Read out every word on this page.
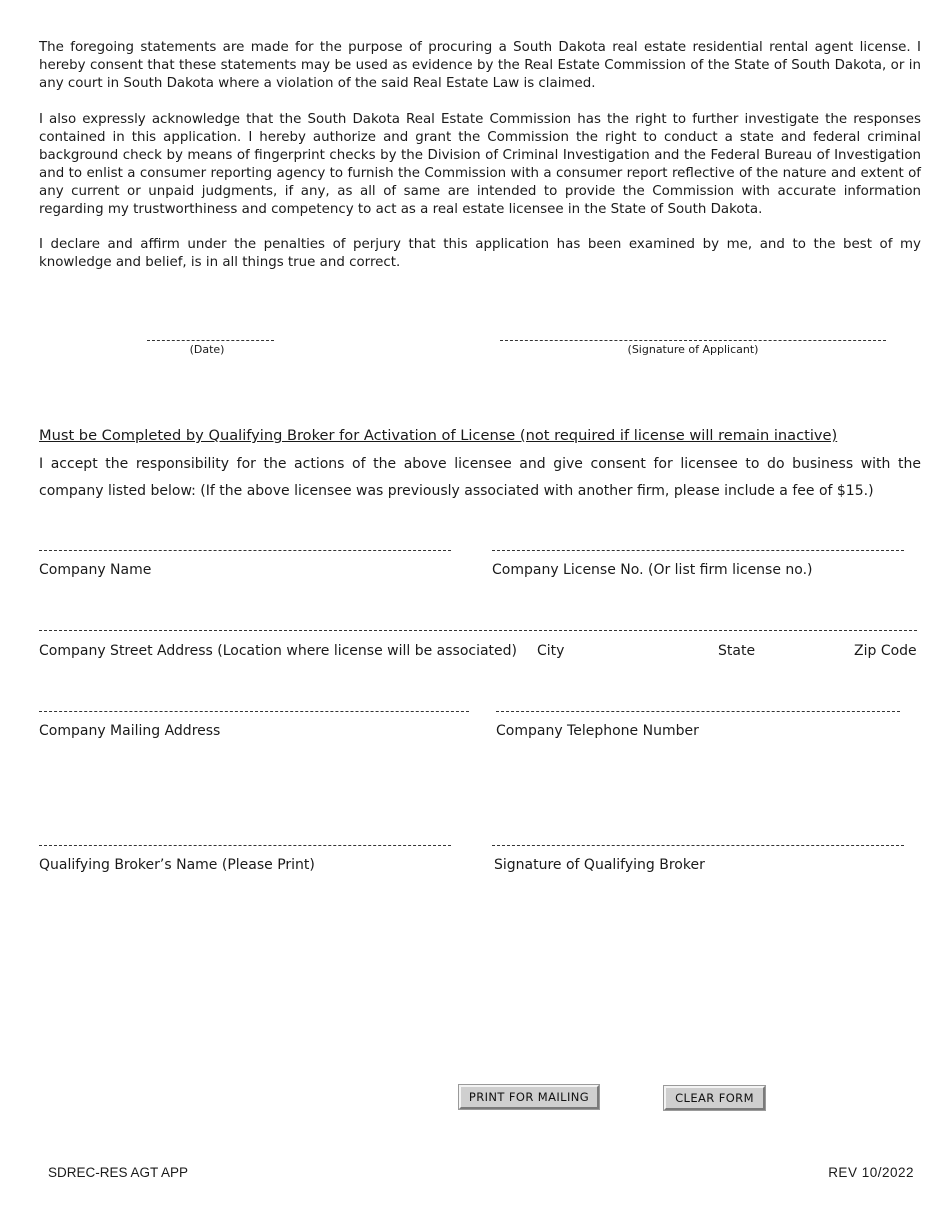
The foregoing statements are made for the purpose of procuring a South Dakota real estate residential rental agent license. I hereby consent that these statements may be used as evidence by the Real Estate Commission of the State of South Dakota, or in any court in South Dakota where a violation of the said Real Estate Law is claimed.

I also expressly acknowledge that the South Dakota Real Estate Commission has the right to further investigate the responses contained in this application. I hereby authorize and grant the Commission the right to conduct a state and federal criminal background check by means of fingerprint checks by the Division of Criminal Investigation and the Federal Bureau of Investigation and to enlist a consumer reporting agency to furnish the Commission with a consumer report reflective of the nature and extent of any current or unpaid judgments, if any, as all of same are intended to provide the Commission with accurate information regarding my trustworthiness and competency to act as a real estate licensee in the State of South Dakota.

I declare and affirm under the penalties of perjury that this application has been examined by me, and to the best of my knowledge and belief, is in all things true and correct.

(Date)	(Signature of Applicant)
Must be Completed by Qualifying Broker for Activation of License (not required if license will remain inactive)

I accept the responsibility for the actions of the above licensee and give consent for licensee to do business with the company listed below: (If the above licensee was previously associated with another firm, please include a fee of $15.)

Company Name	Company License No. (Or list firm license no.)
Company Street Address (Location where license will be associated) City	State	Zip Code
Company Mailing Address	Company Telephone Number
Qualifying Broker’s Name (Please Print)	Signature of Qualifying Broker
PRINT FOR MAILING	CLEAR FORM
SDREC-RES AGT APP	REV 10/2022
